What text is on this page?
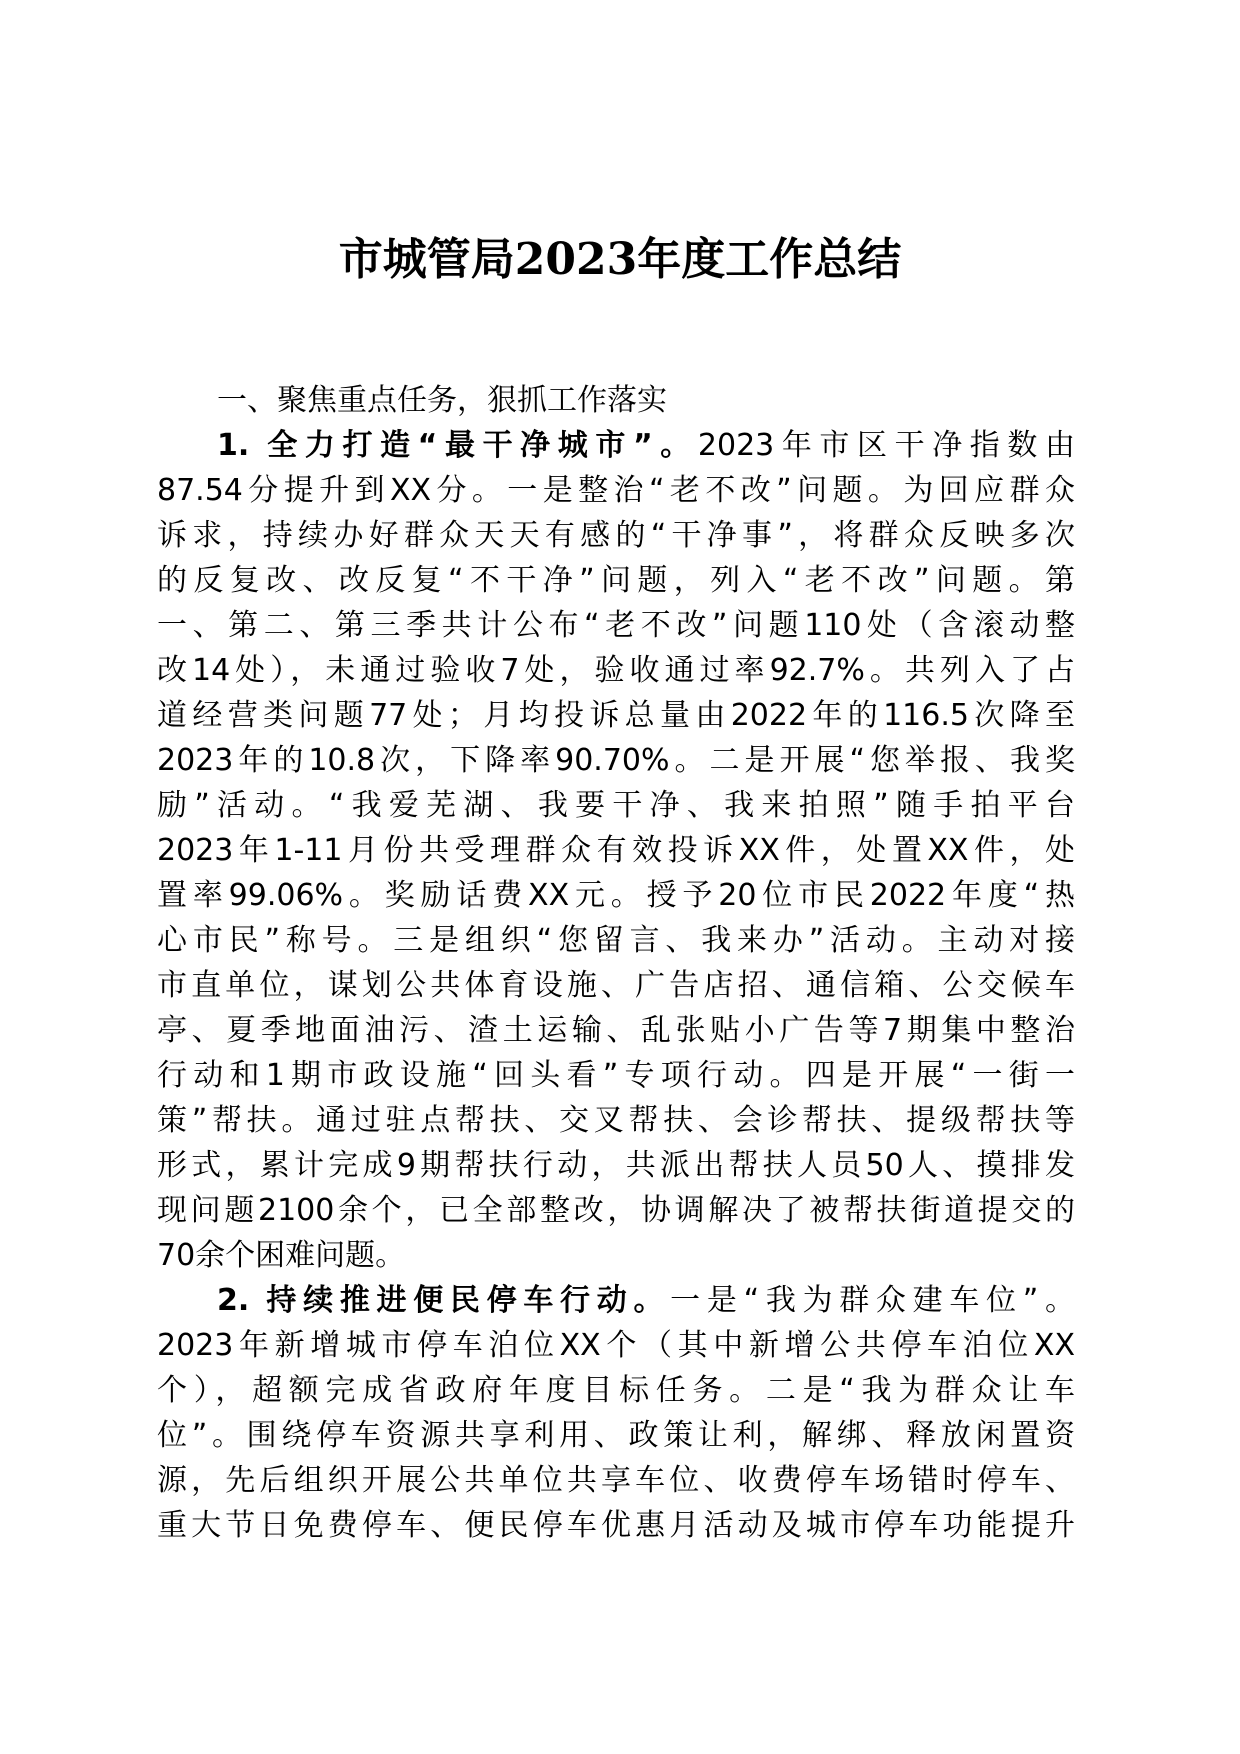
市城管局2023年度工作总结
一、聚焦重点任务，狠抓工作落实
1. 全力打造“最干净城市”。2023年市区干净指数由
87.54分提升到XX分。一是整治“老不改”问题。为回应群众
诉求，持续办好群众天天有感的“干净事”，将群众反映多次
的反复改、改反复“不干净”问题，列入“老不改”问题。第
一、第二、第三季共计公布“老不改”问题110处（含滚动整
改14处），未通过验收7处，验收通过率92.7%。共列入了占
道经营类问题77处；月均投诉总量由2022年的116.5次降至
2023年的10.8次，下降率90.70%。二是开展“您举报、我奖
励”活动。“我爱芜湖、我要干净、我来拍照”随手拍平台
2023年1-11月份共受理群众有效投诉XX件，处置XX件，处
置率99.06%。奖励话费XX元。授予20位市民2022年度“热
心市民”称号。三是组织“您留言、我来办”活动。主动对接
市直单位，谋划公共体育设施、广告店招、通信箱、公交候车
亭、夏季地面油污、渣土运输、乱张贴小广告等7期集中整治
行动和1期市政设施“回头看”专项行动。四是开展“一街一
策”帮扶。通过驻点帮扶、交叉帮扶、会诊帮扶、提级帮扶等
形式，累计完成9期帮扶行动，共派出帮扶人员50人、摸排发
现问题2100余个，已全部整改，协调解决了被帮扶街道提交的
70余个困难问题。
2. 持续推进便民停车行动。一是“我为群众建车位”。
2023年新增城市停车泊位XX个（其中新增公共停车泊位XX
个），超额完成省政府年度目标任务。二是“我为群众让车
位”。围绕停车资源共享利用、政策让利，解绑、释放闲置资
源，先后组织开展公共单位共享车位、收费停车场错时停车、
重大节日免费停车、便民停车优惠月活动及城市停车功能提升
